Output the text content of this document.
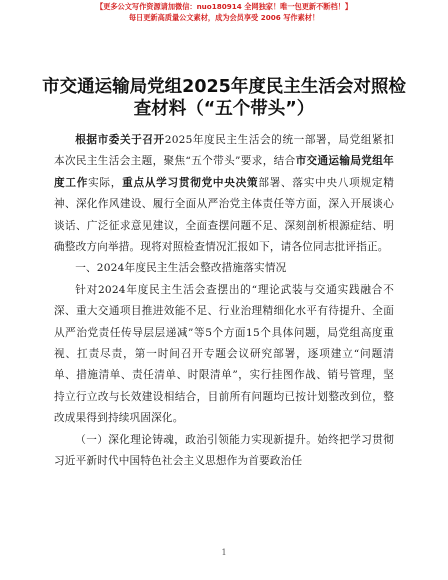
【更多公文写作资源请加微信：nuo180914 全网独家！唯一包更新不断档！】
每日更新高质量公文素材，成为会员享受 2006 写作素材！
市交通运输局党组2025年度民主生活会对照检查材料（“五个带头”）

根据市委关于召开2025年度民主生活会的统一部署，局党组紧扣本次民主生活会主题，聚焦“五个带头”要求，结合市交通运输局党组年度工作实际，重点从学习贯彻党中央决策部署、落实中央八项规定精神、深化作风建设、履行全面从严治党主体责任等方面，深入开展谈心谈话、广泛征求意见建议，全面查摆问题不足、深刻剖析根源症结、明确整改方向举措。现将对照检查情况汇报如下，请各位同志批评指正。

一、2024年度民主生活会整改措施落实情况

针对2024年度民主生活会查摆出的“理论武装与交通实践融合不深、重大交通项目推进效能不足、行业治理精细化水平有待提升、全面从严治党责任传导层层递减”等5个方面15个具体问题，局党组高度重视、扛责尽责，第一时间召开专题会议研究部署，逐项建立“问题清单、措施清单、责任清单、时限清单”，实行挂图作战、销号管理，坚持立行立改与长效建设相结合，目前所有问题均已按计划整改到位，整改成果得到持续巩固深化。

（一）深化理论铸魂，政治引领能力实现新提升。始终把学习贯彻习近平新时代中国特色社会主义思想作为首要政治任

1
